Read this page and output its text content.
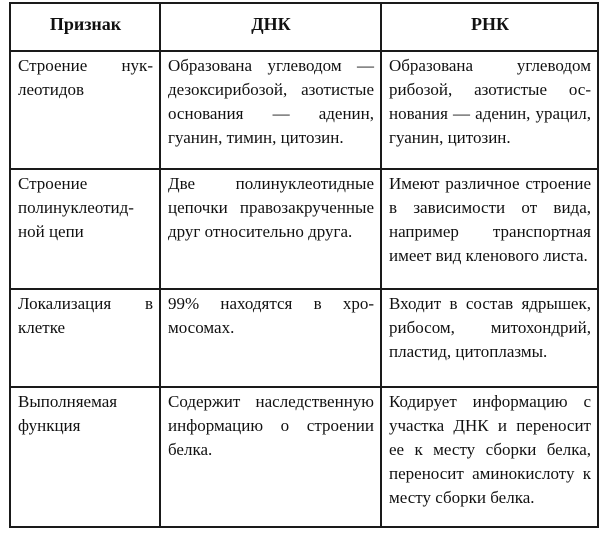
Признак	ДНК	РНК
Строение нуклеотидов	Образована углеводом — дезоксирибозой, азотистые основания — аденин, гуанин, тимин, цитозин.	Образована углеводом рибозой, азотистые основания — аденин, урацил, гуанин, цитозин.
Строение полинуклеотидной цепи	Две полинуклеотидные цепочки правозакрученные друг относительно друга.	Имеют различное строение в зависимости от вида, например транспортная имеет вид кленового листа.
Локализация в клетке	99% находятся в хромосомах.	Входит в состав ядрышек, рибосом, митохондрий, пластид, цитоплазмы.
Выполняемая функция	Содержит наследственную информацию о строении белка.	Кодирует информацию с участка ДНК и переносит ее к месту сборки белка, переносит аминокислоту к месту сборки белка.
